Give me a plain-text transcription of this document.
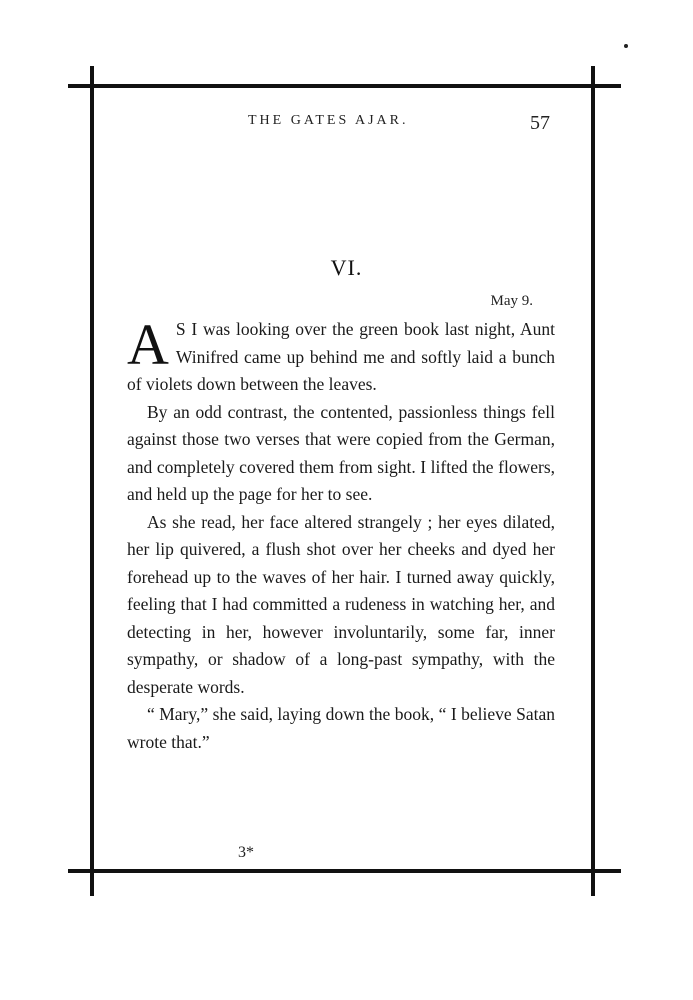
THE GATES AJAR.	57
VI.
May 9.

A S I was looking over the green book last night, Aunt Winifred came up behind me and softly laid a bunch of violets down between the leaves.

By an odd contrast, the contented, passionless things fell against those two verses that were copied from the German, and completely covered them from sight. I lifted the flowers, and held up the page for her to see.

As she read, her face altered strangely ; her eyes dilated, her lip quivered, a flush shot over her cheeks and dyed her forehead up to the waves of her hair. I turned away quickly, feeling that I had committed a rudeness in watching her, and detecting in her, however involuntarily, some far, inner sympathy, or shadow of a long-past sympathy, with the desperate words.

“ Mary,” she said, laying down the book, “ I believe Satan wrote that.”

3*
